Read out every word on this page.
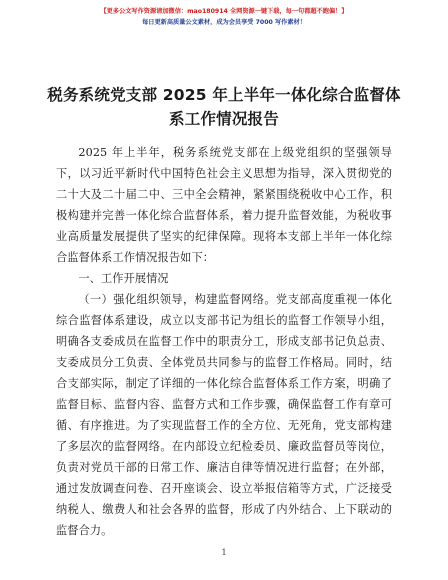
【更多公文写作资源请加微信：mao180914 全网资源一键下载，每一句都超不跑偏！】
每日更新高质量公文素材，成为会员享受 7000 写作素材！
税务系统党支部 2025 年上半年一体化综合监督体系工作情况报告

2025 年上半年，税务系统党支部在上级党组织的坚强领导下，以习近平新时代中国特色社会主义思想为指导，深入贯彻党的二十大及二十届二中、三中全会精神，紧紧围绕税收中心工作，积极构建并完善一体化综合监督体系，着力提升监督效能，为税收事业高质量发展提供了坚实的纪律保障。现将本支部上半年一体化综合监督体系工作情况报告如下：

一、工作开展情况

（一）强化组织领导，构建监督网络。党支部高度重视一体化综合监督体系建设，成立以支部书记为组长的监督工作领导小组，明确各支委成员在监督工作中的职责分工，形成支部书记负总责、支委成员分工负责、全体党员共同参与的监督工作格局。同时，结合支部实际，制定了详细的一体化综合监督体系工作方案，明确了监督目标、监督内容、监督方式和工作步骤，确保监督工作有章可循、有序推进。为了实现监督工作的全方位、无死角，党支部构建了多层次的监督网络。在内部设立纪检委员、廉政监督员等岗位，负责对党员干部的日常工作、廉洁自律等情况进行监督；在外部，通过发放调查问卷、召开座谈会、设立举报信箱等方式，广泛接受纳税人、缴费人和社会各界的监督，形成了内外结合、上下联动的监督合力。

1
